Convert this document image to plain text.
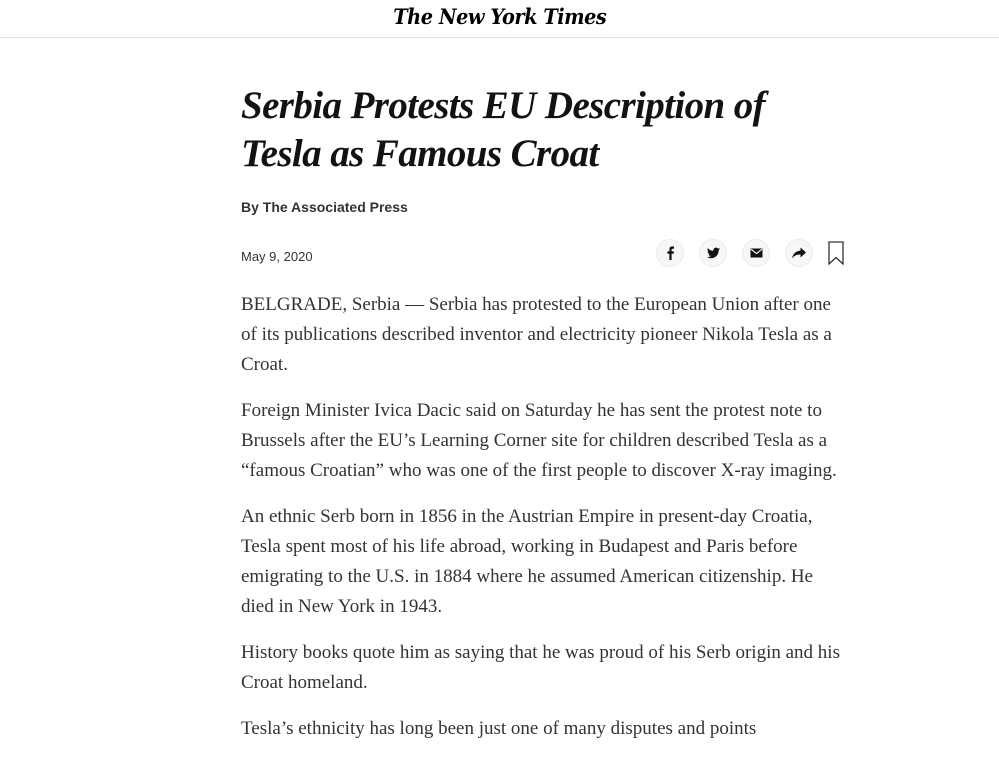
The New York Times
Serbia Protests EU Description of Tesla as Famous Croat
By The Associated Press
May 9, 2020

BELGRADE, Serbia — Serbia has protested to the European Union after one of its publications described inventor and electricity pioneer Nikola Tesla as a Croat.

Foreign Minister Ivica Dacic said on Saturday he has sent the protest note to Brussels after the EU’s Learning Corner site for children described Tesla as a “famous Croatian” who was one of the first people to discover X-ray imaging.

An ethnic Serb born in 1856 in the Austrian Empire in present-day Croatia, Tesla spent most of his life abroad, working in Budapest and Paris before emigrating to the U.S. in 1884 where he assumed American citizenship. He died in New York in 1943.

History books quote him as saying that he was proud of his Serb origin and his Croat homeland.

Tesla’s ethnicity has long been just one of many disputes and points
